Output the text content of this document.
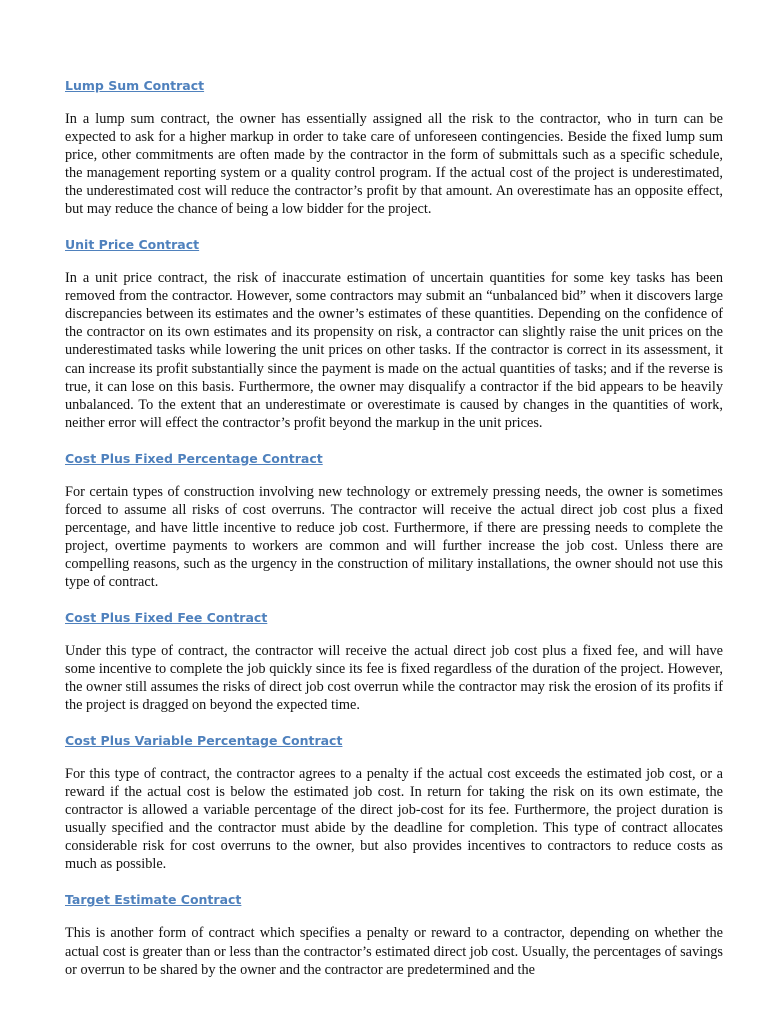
Lump Sum Contract

In a lump sum contract, the owner has essentially assigned all the risk to the contractor, who in turn can be expected to ask for a higher markup in order to take care of unforeseen contingencies. Beside the fixed lump sum price, other commitments are often made by the contractor in the form of submittals such as a specific schedule, the management reporting system or a quality control program. If the actual cost of the project is underestimated, the underestimated cost will reduce the contractor’s profit by that amount. An overestimate has an opposite effect, but may reduce the chance of being a low bidder for the project.

Unit Price Contract

In a unit price contract, the risk of inaccurate estimation of uncertain quantities for some key tasks has been removed from the contractor. However, some contractors may submit an “unbalanced bid” when it discovers large discrepancies between its estimates and the owner’s estimates of these quantities. Depending on the confidence of the contractor on its own estimates and its propensity on risk, a contractor can slightly raise the unit prices on the underestimated tasks while lowering the unit prices on other tasks. If the contractor is correct in its assessment, it can increase its profit substantially since the payment is made on the actual quantities of tasks; and if the reverse is true, it can lose on this basis. Furthermore, the owner may disqualify a contractor if the bid appears to be heavily unbalanced. To the extent that an underestimate or overestimate is caused by changes in the quantities of work, neither error will effect the contractor’s profit beyond the markup in the unit prices.

Cost Plus Fixed Percentage Contract

For certain types of construction involving new technology or extremely pressing needs, the owner is sometimes forced to assume all risks of cost overruns. The contractor will receive the actual direct job cost plus a fixed percentage, and have little incentive to reduce job cost. Furthermore, if there are pressing needs to complete the project, overtime payments to workers are common and will further increase the job cost. Unless there are compelling reasons, such as the urgency in the construction of military installations, the owner should not use this type of contract.

Cost Plus Fixed Fee Contract

Under this type of contract, the contractor will receive the actual direct job cost plus a fixed fee, and will have some incentive to complete the job quickly since its fee is fixed regardless of the duration of the project. However, the owner still assumes the risks of direct job cost overrun while the contractor may risk the erosion of its profits if the project is dragged on beyond the expected time.

Cost Plus Variable Percentage Contract

For this type of contract, the contractor agrees to a penalty if the actual cost exceeds the estimated job cost, or a reward if the actual cost is below the estimated job cost. In return for taking the risk on its own estimate, the contractor is allowed a variable percentage of the direct job-cost for its fee. Furthermore, the project duration is usually specified and the contractor must abide by the deadline for completion. This type of contract allocates considerable risk for cost overruns to the owner, but also provides incentives to contractors to reduce costs as much as possible.

Target Estimate Contract

This is another form of contract which specifies a penalty or reward to a contractor, depending on whether the actual cost is greater than or less than the contractor’s estimated direct job cost. Usually, the percentages of savings or overrun to be shared by the owner and the contractor are predetermined and the
